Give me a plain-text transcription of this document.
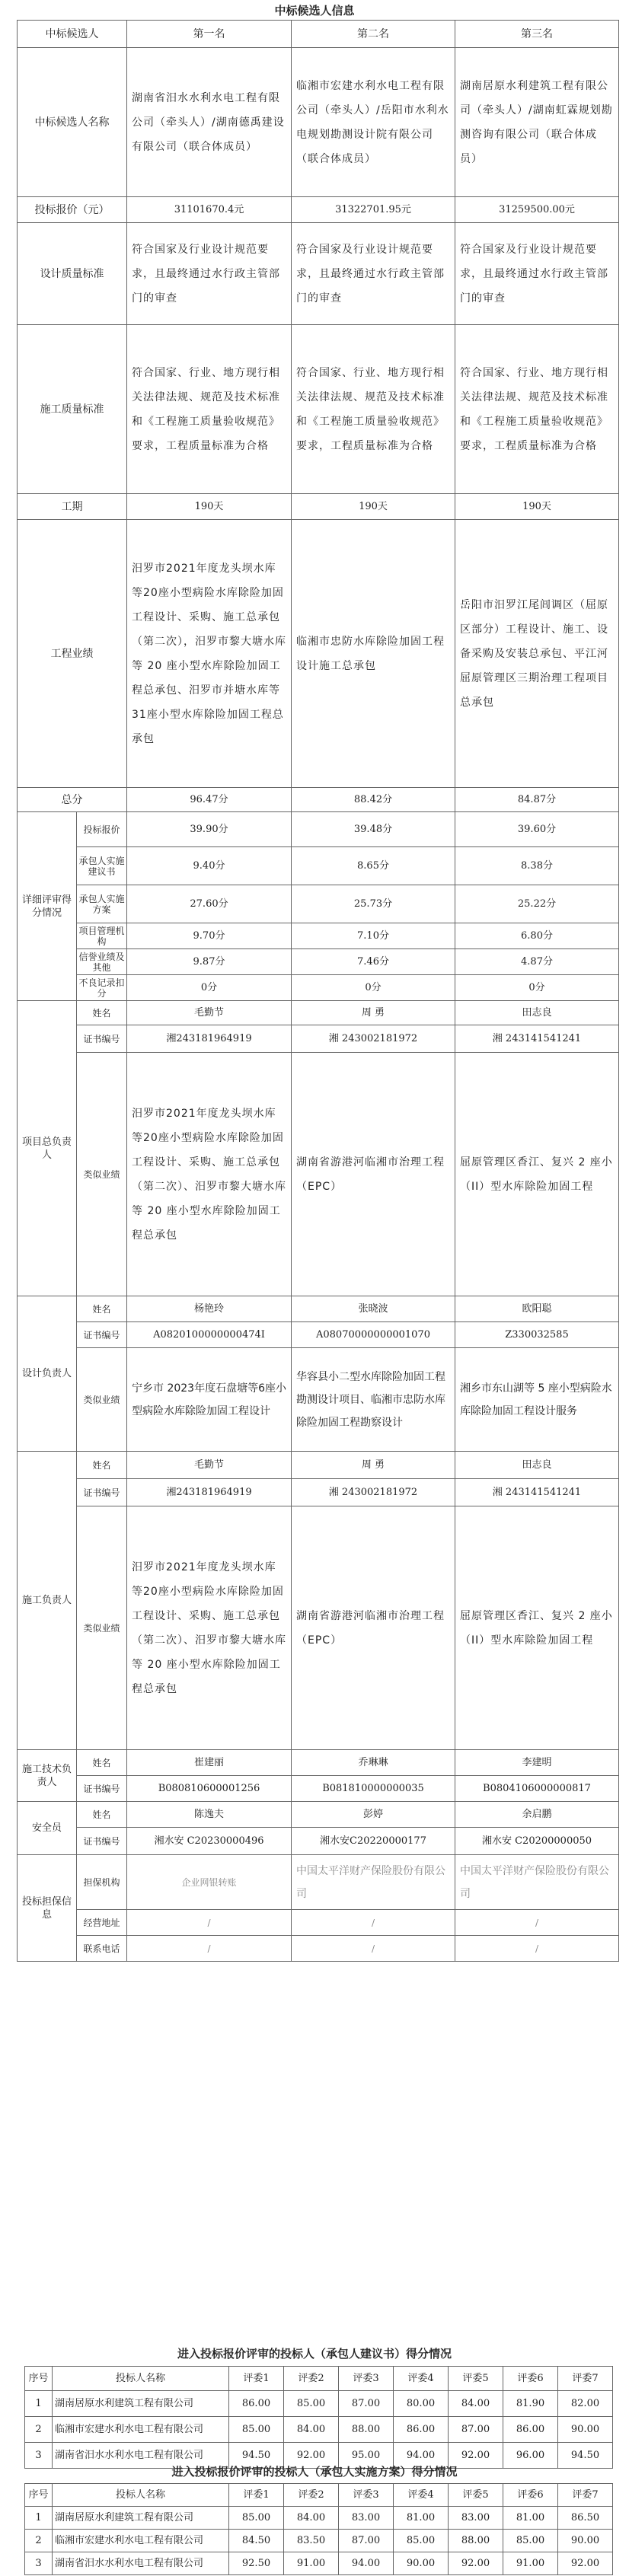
中标候选人信息
中标候选人		第一名	第二名	第三名
中标候选人名称		湖南省汨水水利水电工程有限公司（牵头人）/湖南德禹建设有限公司（联合体成员）	临湘市宏建水利水电工程有限公司（牵头人）/岳阳市水利水电规划勘测设计院有限公司（联合体成员）	湖南居原水利建筑工程有限公司（牵头人）/湖南虹霖规划勘测咨询有限公司（联合体成员）
投标报价（元）		31101670.4元	31322701.95元	31259500.00元
设计质量标准		符合国家及行业设计规范要求，且最终通过水行政主管部门的审查	符合国家及行业设计规范要求，且最终通过水行政主管部门的审查	符合国家及行业设计规范要求，且最终通过水行政主管部门的审查
施工质量标准		符合国家、行业、地方现行相关法律法规、规范及技术标准和《工程施工质量验收规范》要求，工程质量标准为合格	符合国家、行业、地方现行相关法律法规、规范及技术标准和《工程施工质量验收规范》要求，工程质量标准为合格	符合国家、行业、地方现行相关法律法规、规范及技术标准和《工程施工质量验收规范》要求，工程质量标准为合格
工期		190天	190天	190天
工程业绩		汨罗市2021年度龙头坝水库等20座小型病险水库除险加固工程设计、采购、施工总承包（第二次），汨罗市黎大塘水库等 20 座小型水库除险加固工程总承包、汨罗市并塘水库等31座小型水库除险加固工程总承包	临湘市忠防水库除险加固工程设计施工总承包	岳阳市汨罗江尾闾调区（屈原区部分）工程设计、施工、设备采购及安装总承包、平江河屈原管理区三期治理工程项目总承包
总分		96.47分	88.42分	84.87分
详细评审得分情况	投标报价	39.90分	39.48分	39.60分
	承包人实施建议书	9.40分	8.65分	8.38分
	承包人实施方案	27.60分	25.73分	25.22分
	项目管理机构	9.70分	7.10分	6.80分
	信誉业绩及其他	9.87分	7.46分	4.87分
	不良记录扣分	0分	0分	0分
项目总负责人	姓名	毛勤节	周 勇	田志良
	证书编号	湘243181964919	湘 243002181972	湘 243141541241
	类似业绩	汨罗市2021年度龙头坝水库等20座小型病险水库除险加固工程设计、采购、施工总承包（第二次）、汨罗市黎大塘水库等 20 座小型水库除险加固工程总承包	湖南省游港河临湘市治理工程（EPC）	屈原管理区香江、复兴 2 座小（II）型水库除险加固工程
设计负责人	姓名	杨艳玲	张晓波	欧阳聪
	证书编号	A0820100000000474I	A08070000000001070	Z330032585
	类似业绩	宁乡市 2023年度石盘塘等6座小型病险水库除险加固工程设计	华容县小二型水库除险加固工程勘测设计项目、临湘市忠防水库除险加固工程勘察设计	湘乡市东山湖等 5 座小型病险水库除险加固工程设计服务
施工负责人	姓名	毛勤节	周 勇	田志良
	证书编号	湘243181964919	湘 243002181972	湘 243141541241
	类似业绩	汨罗市2021年度龙头坝水库等20座小型病险水库除险加固工程设计、采购、施工总承包（第二次）、汨罗市黎大塘水库等 20 座小型水库除险加固工程总承包	湖南省游港河临湘市治理工程（EPC）	屈原管理区香江、复兴 2 座小（II）型水库除险加固工程
施工技术负责人	姓名	崔建丽	乔琳琳	李建明
	证书编号	B080810600001256	B081810000000035	B0804106000000817
安全员	姓名	陈逸夫	彭婷	余启鹏
	证书编号	湘水安 C20230000496	湘水安C20220000177	湘水安 C20200000050
投标担保信息	担保机构	企业网银转账	中国太平洋财产保险股份有限公司	中国太平洋财产保险股份有限公司
	经营地址	/	/	/
	联系电话	/	/	/
进入投标报价评审的投标人（承包人建议书）得分情况
序号	投标人名称	评委1	评委2	评委3	评委4	评委5	评委6	评委7
1	湖南居原水利建筑工程有限公司	86.00	85.00	87.00	80.00	84.00	81.90	82.00
2	临湘市宏建水利水电工程有限公司	85.00	84.00	88.00	86.00	87.00	86.00	90.00
3	湖南省汨水水利水电工程有限公司	94.50	92.00	95.00	94.00	92.00	96.00	94.50
进入投标报价评审的投标人（承包人实施方案）得分情况
序号	投标人名称	评委1	评委2	评委3	评委4	评委5	评委6	评委7
1	湖南居原水利建筑工程有限公司	85.00	84.00	83.00	81.00	83.00	81.00	86.50
2	临湘市宏建水利水电工程有限公司	84.50	83.50	87.00	85.00	88.00	85.00	90.00
3	湖南省汨水水利水电工程有限公司	92.50	91.00	94.00	90.00	92.00	91.00	92.00
